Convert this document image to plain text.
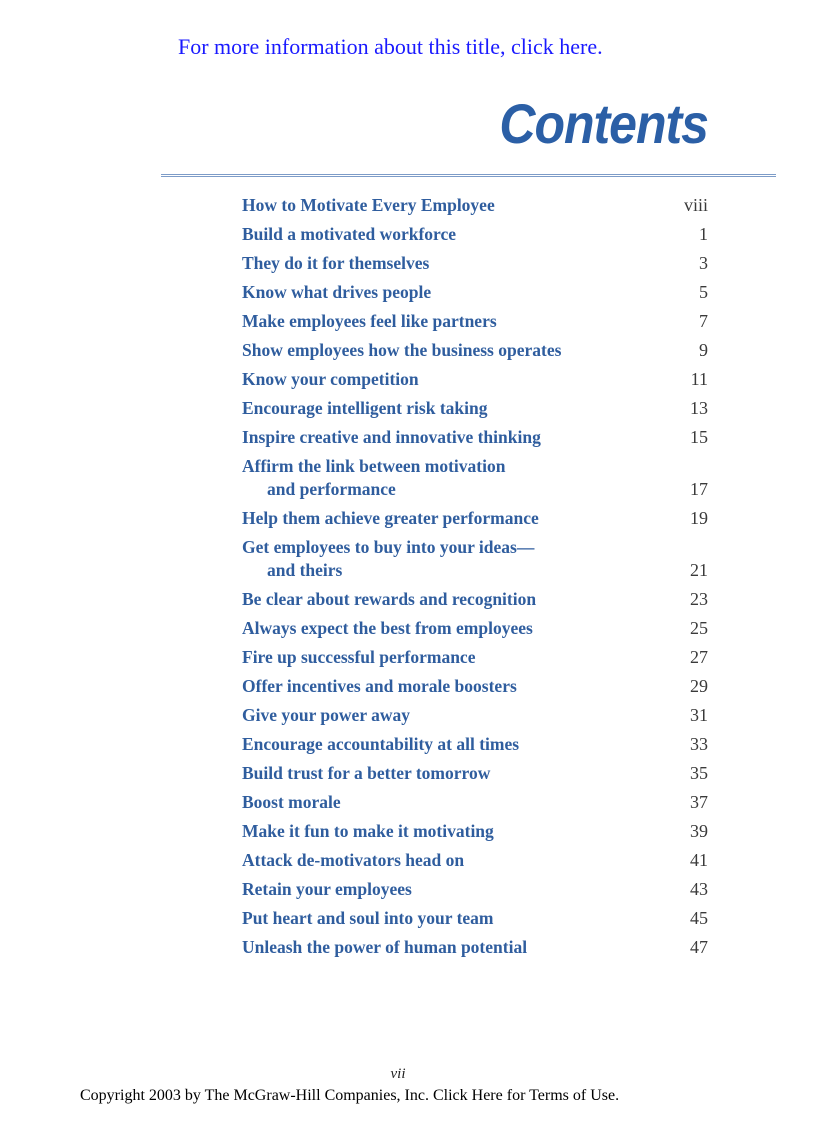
For more information about this title, click here.
Contents
How to Motivate Every Employee	viii
Build a motivated workforce	1
They do it for themselves	3
Know what drives people	5
Make employees feel like partners	7
Show employees how the business operates	9
Know your competition	11
Encourage intelligent risk taking	13
Inspire creative and innovative thinking	15
Affirm the link between motivation
and performance	17
Help them achieve greater performance	19
Get employees to buy into your ideas—
and theirs	21
Be clear about rewards and recognition	23
Always expect the best from employees	25
Fire up successful performance	27
Offer incentives and morale boosters	29
Give your power away	31
Encourage accountability at all times	33
Build trust for a better tomorrow	35
Boost morale	37
Make it fun to make it motivating	39
Attack de-motivators head on	41
Retain your employees	43
Put heart and soul into your team	45
Unleash the power of human potential	47
vii
Copyright 2003 by The McGraw-Hill Companies, Inc. Click Here for Terms of Use.
